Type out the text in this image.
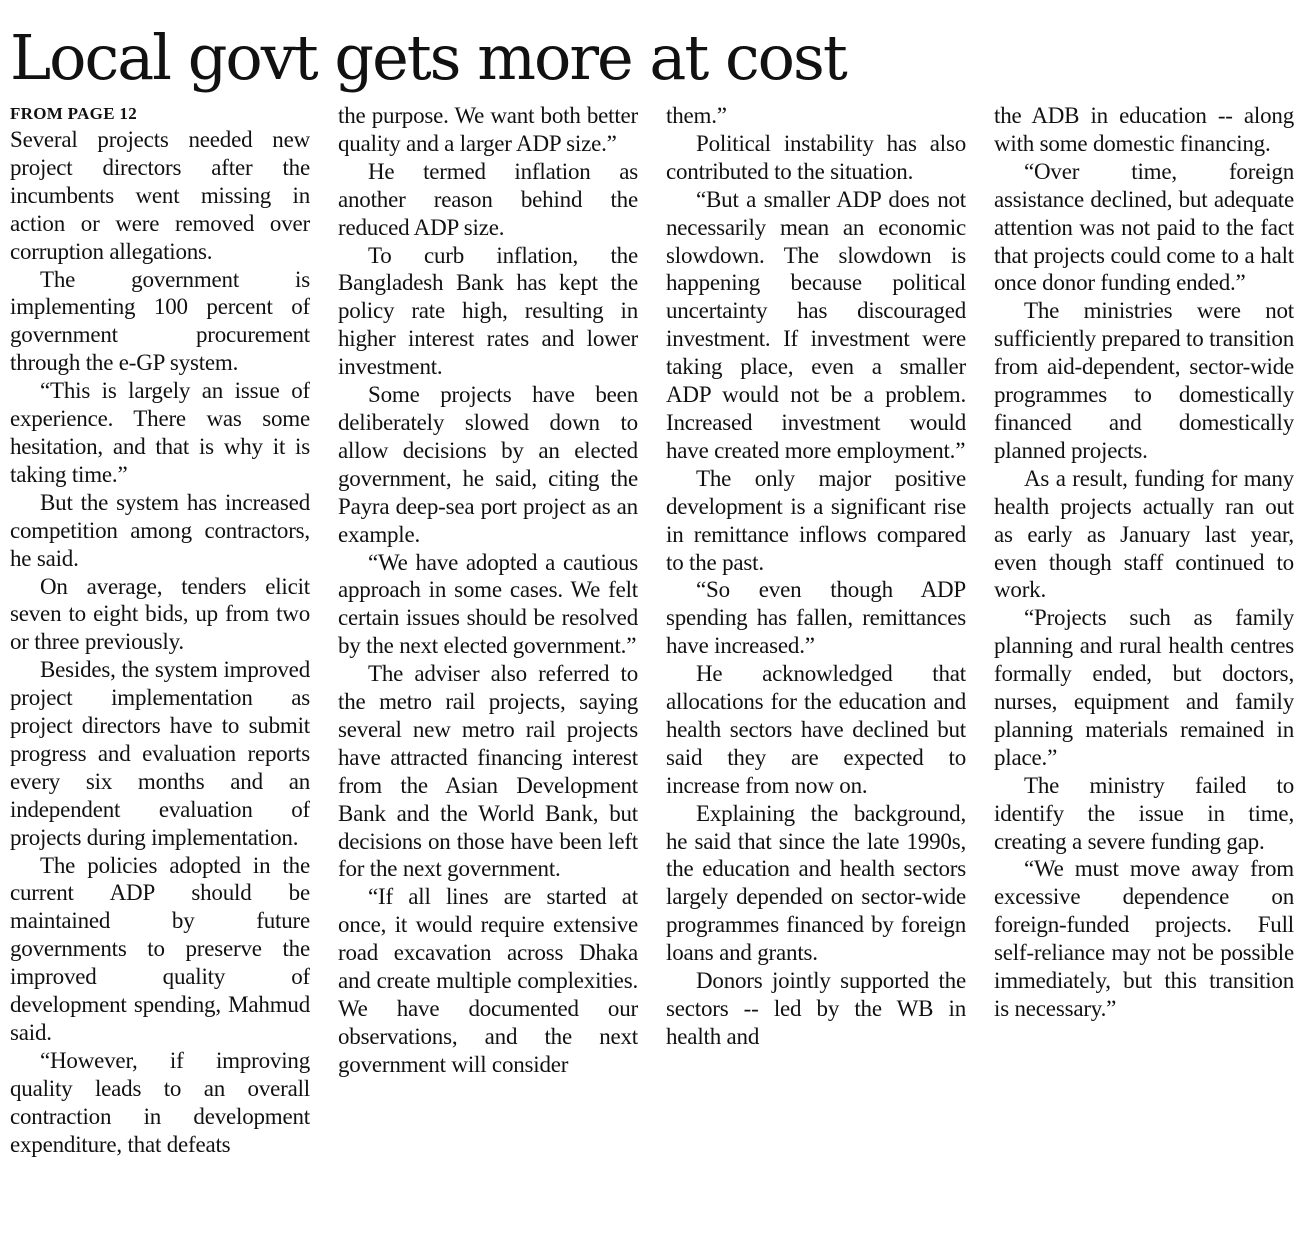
Local govt gets more at cost
FROM PAGE 12

Several projects needed new project directors after the incumbents went missing in action or were removed over corruption allegations.

The government is implementing 100 percent of government procurement through the e-GP system.

“This is largely an issue of experience. There was some hesitation, and that is why it is taking time.”

But the system has increased competition among contractors, he said.

On average, tenders elicit seven to eight bids, up from two or three previously.

Besides, the system improved project implementation as project directors have to submit progress and evaluation reports every six months and an independent evaluation of projects during implementation.

The policies adopted in the current ADP should be maintained by future governments to preserve the improved quality of development spending, Mahmud said.

“However, if improving quality leads to an overall contraction in development expenditure, that defeats

the purpose. We want both better quality and a larger ADP size.”

He termed inflation as another reason behind the reduced ADP size.

To curb inflation, the Bangladesh Bank has kept the policy rate high, resulting in higher interest rates and lower investment.

Some projects have been deliberately slowed down to allow decisions by an elected government, he said, citing the Payra deep-sea port project as an example.

“We have adopted a cautious approach in some cases. We felt certain issues should be resolved by the next elected government.”

The adviser also referred to the metro rail projects, saying several new metro rail projects have attracted financing interest from the Asian Development Bank and the World Bank, but decisions on those have been left for the next government.

“If all lines are started at once, it would require extensive road excavation across Dhaka and create multiple complexities. We have documented our observations, and the next government will consider

them.”

Political instability has also contributed to the situation.

“But a smaller ADP does not necessarily mean an economic slowdown. The slowdown is happening because political uncertainty has discouraged investment. If investment were taking place, even a smaller ADP would not be a problem. Increased investment would have created more employment.”

The only major positive development is a significant rise in remittance inflows compared to the past.

“So even though ADP spending has fallen, remittances have increased.”

He acknowledged that allocations for the education and health sectors have declined but said they are expected to increase from now on.

Explaining the background, he said that since the late 1990s, the education and health sectors largely depended on sector-wide programmes financed by foreign loans and grants.

Donors jointly supported the sectors -- led by the WB in health and

the ADB in education -- along with some domestic financing.

“Over time, foreign assistance declined, but adequate attention was not paid to the fact that projects could come to a halt once donor funding ended.”

The ministries were not sufficiently prepared to transition from aid-dependent, sector-wide programmes to domestically financed and domestically planned projects.

As a result, funding for many health projects actually ran out as early as January last year, even though staff continued to work.

“Projects such as family planning and rural health centres formally ended, but doctors, nurses, equipment and family planning materials remained in place.”

The ministry failed to identify the issue in time, creating a severe funding gap.

“We must move away from excessive dependence on foreign-funded projects. Full self-reliance may not be possible immediately, but this transition is necessary.”
